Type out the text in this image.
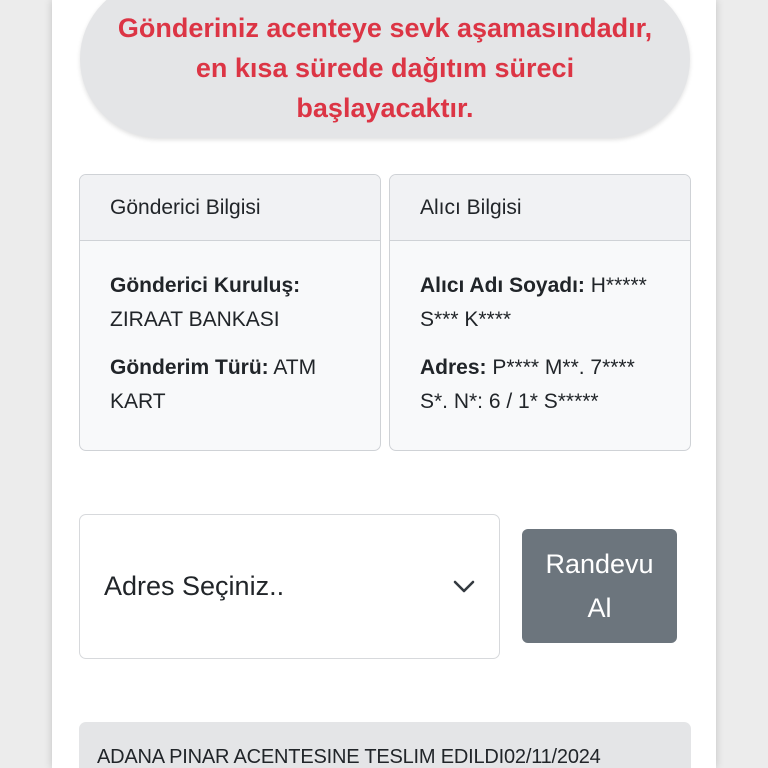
Gönderiniz acenteye sevk aşamasındadır, en kısa sürede dağıtım süreci başlayacaktır.
Gönderici Bilgisi

Gönderici Kuruluş: ZIRAAT BANKASI

Gönderim Türü: ATM KART

Alıcı Bilgisi

Alıcı Adı Soyadı: H***** S*** K****

Adres: P**** M**. 7**** S*. N*: 6 / 1* S*****

Adres Seçiniz..
Randevu Al
ADANA PINAR ACENTESINE TESLIM EDILDI02/11/2024
